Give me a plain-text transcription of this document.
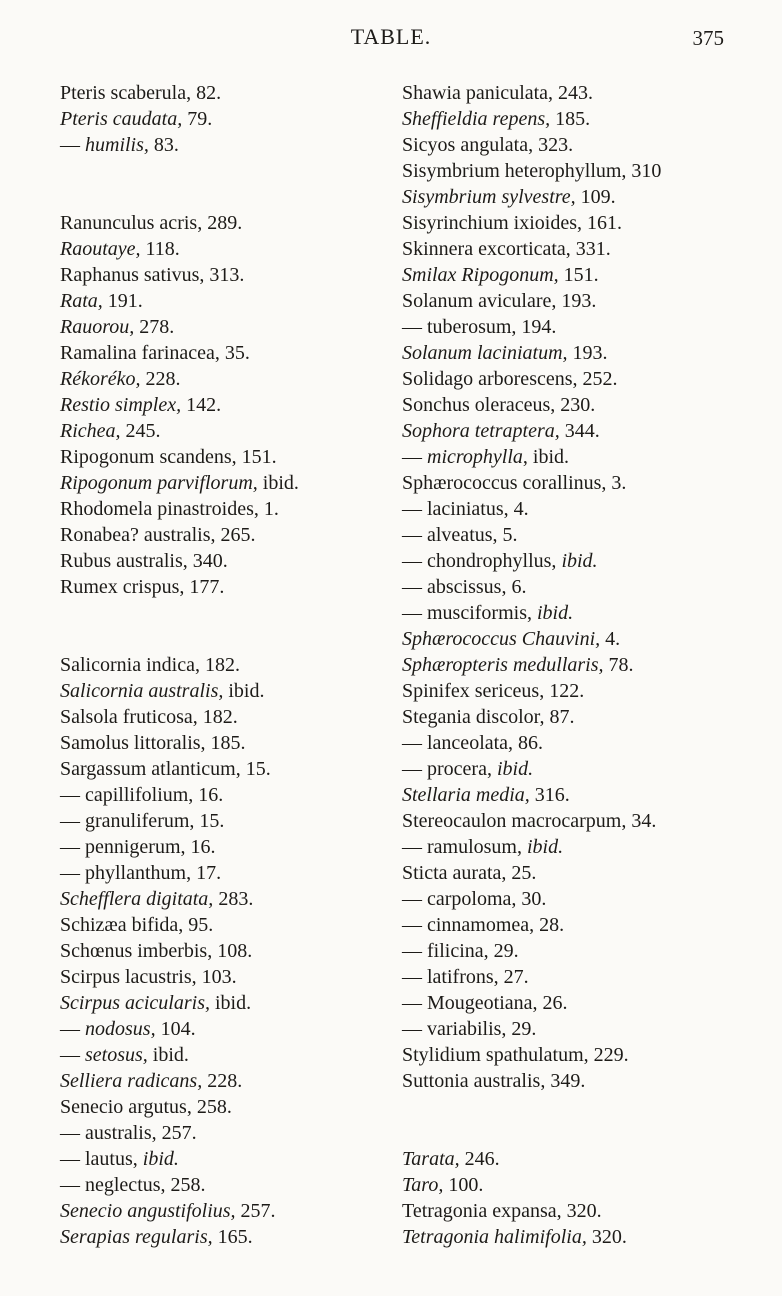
TABLE.	375
Pteris scaberula, 82.
Pteris caudata, 79.
— humilis, 83.
Ranunculus acris, 289.
Raoutaye, 118.
Raphanus sativus, 313.
Rata, 191.
Rauorou, 278.
Ramalina farinacea, 35.
Rékoréko, 228.
Restio simplex, 142.
Richea, 245.
Ripogonum scandens, 151.
Ripogonum parviflorum, ibid.
Rhodomela pinastroides, 1.
Ronabea? australis, 265.
Rubus australis, 340.
Rumex crispus, 177.
Salicornia indica, 182.
Salicornia australis, ibid.
Salsola fruticosa, 182.
Samolus littoralis, 185.
Sargassum atlanticum, 15.
— capillifolium, 16.
— granuliferum, 15.
— pennigerum, 16.
— phyllanthum, 17.
Schefflera digitata, 283.
Schizæa bifida, 95.
Schœnus imberbis, 108.
Scirpus lacustris, 103.
Scirpus acicularis, ibid.
— nodosus, 104.
— setosus, ibid.
Selliera radicans, 228.
Senecio argutus, 258.
— australis, 257.
— lautus, ibid.
— neglectus, 258.
Senecio angustifolius, 257.
Serapias regularis, 165.
Shawia paniculata, 243.
Sheffieldia repens, 185.
Sicyos angulata, 323.
Sisymbrium heterophyllum, 310
Sisymbrium sylvestre, 109.
Sisyrinchium ixioides, 161.
Skinnera excorticata, 331.
Smilax Ripogonum, 151.
Solanum aviculare, 193.
— tuberosum, 194.
Solanum laciniatum, 193.
Solidago arborescens, 252.
Sonchus oleraceus, 230.
Sophora tetraptera, 344.
— microphylla, ibid.
Sphærococcus corallinus, 3.
— laciniatus, 4.
— alveatus, 5.
— chondrophyllus, ibid.
— abscissus, 6.
— musciformis, ibid.
Sphærococcus Chauvini, 4.
Sphæropteris medullaris, 78.
Spinifex sericeus, 122.
Stegania discolor, 87.
— lanceolata, 86.
— procera, ibid.
Stellaria media, 316.
Stereocaulon macrocarpum, 34.
— ramulosum, ibid.
Sticta aurata, 25.
— carpoloma, 30.
— cinnamomea, 28.
— filicina, 29.
— latifrons, 27.
— Mougeotiana, 26.
— variabilis, 29.
Stylidium spathulatum, 229.
Suttonia australis, 349.
Tarata, 246.
Taro, 100.
Tetragonia expansa, 320.
Tetragonia halimifolia, 320.
